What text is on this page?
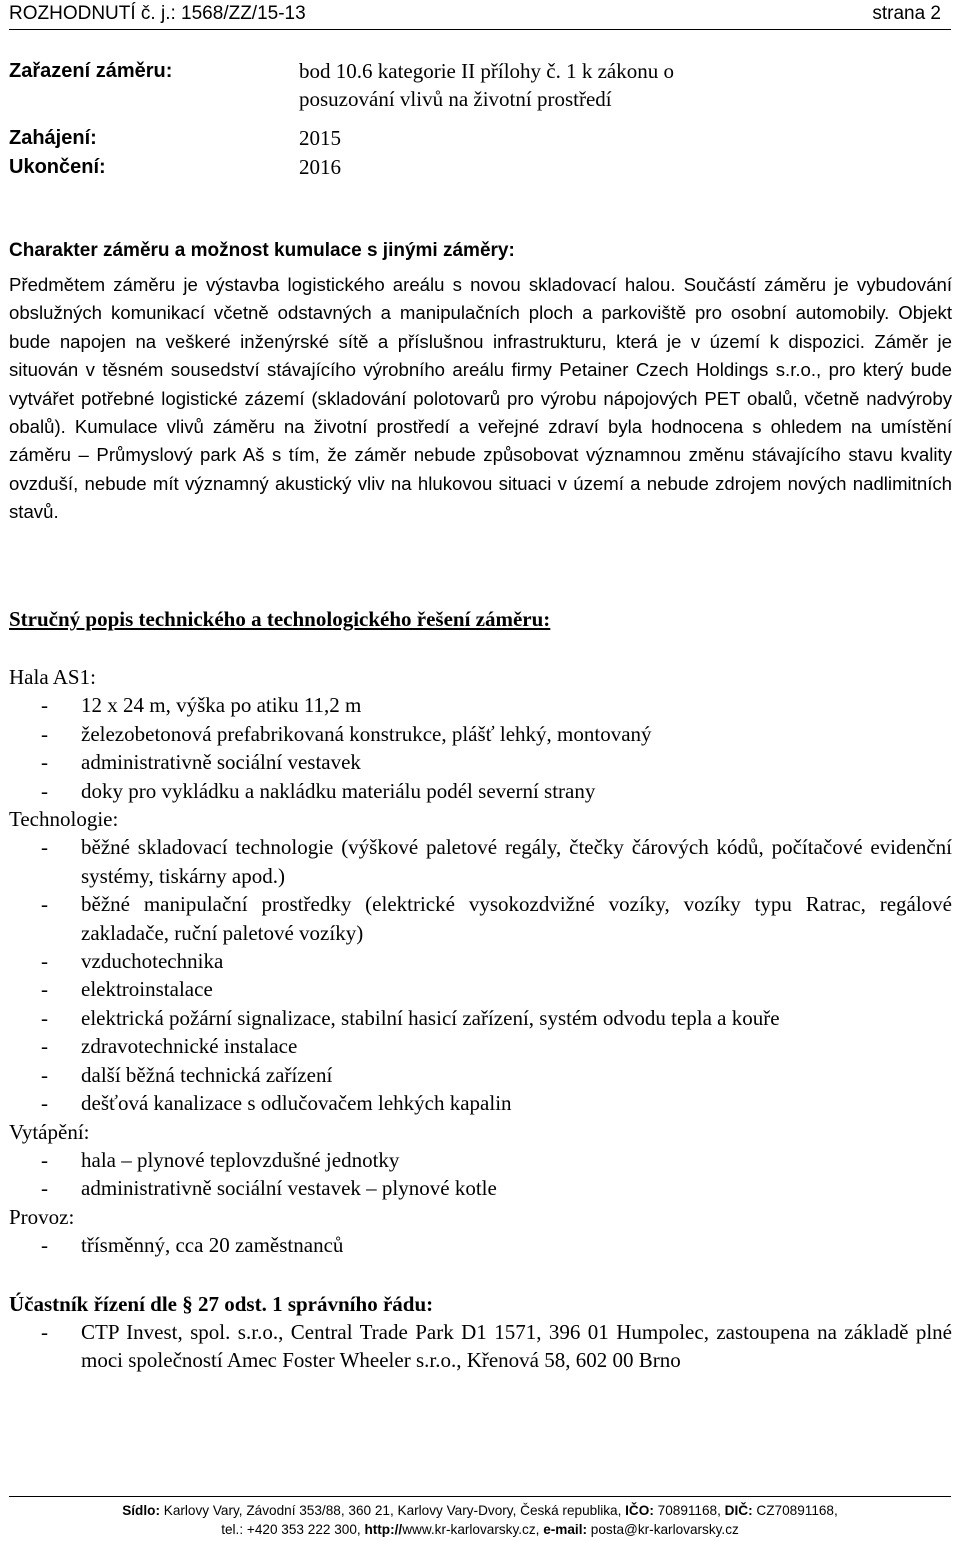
ROZHODNUTÍ č. j.: 1568/ZZ/15-13	strana 2
Zařazení záměru:	bod 10.6 kategorie II přílohy č. 1 k zákonu o posuzování vlivů na životní prostředí
Zahájení:	2015
Ukončení:	2016
Charakter záměru a možnost kumulace s jinými záměry:

Předmětem záměru je výstavba logistického areálu s novou skladovací halou. Součástí záměru je vybudování obslužných komunikací včetně odstavných a manipulačních ploch a parkoviště pro osobní automobily. Objekt bude napojen na veškeré inženýrské sítě a příslušnou infrastrukturu, která je v území k dispozici. Záměr je situován v těsném sousedství stávajícího výrobního areálu firmy Petainer Czech Holdings s.r.o., pro který bude vytvářet potřebné logistické zázemí (skladování polotovarů pro výrobu nápojových PET obalů, včetně nadvýroby obalů). Kumulace vlivů záměru na životní prostředí a veřejné zdraví byla hodnocena s ohledem na umístění záměru – Průmyslový park Aš s tím, že záměr nebude způsobovat významnou změnu stávajícího stavu kvality ovzduší, nebude mít významný akustický vliv na hlukovou situaci v území a nebude zdrojem nových nadlimitních stavů.

Stručný popis technického a technologického řešení záměru:
Hala AS1:
- 12 x 24 m, výška po atiku 11,2 m
- železobetonová prefabrikovaná konstrukce, plášť lehký, montovaný
- administrativně sociální vestavek
- doky pro vykládku a nakládku materiálu podél severní strany
Technologie:
- běžné skladovací technologie (výškové paletové regály, čtečky čárových kódů, počítačové evidenční systémy, tiskárny apod.)
- běžné manipulační prostředky (elektrické vysokozdvižné vozíky, vozíky typu Ratrac, regálové zakladače, ruční paletové vozíky)
- vzduchotechnika
- elektroinstalace
- elektrická požární signalizace, stabilní hasicí zařízení, systém odvodu tepla a kouře
- zdravotechnické instalace
- další běžná technická zařízení
- dešťová kanalizace s odlučovačem lehkých kapalin
Vytápění:
- hala – plynové teplovzdušné jednotky
- administrativně sociální vestavek – plynové kotle
Provoz:
- třísměnný, cca 20 zaměstnanců
Účastník řízení dle § 27 odst. 1 správního řádu:
- CTP Invest, spol. s.r.o., Central Trade Park D1 1571, 396 01 Humpolec, zastoupena na základě plné moci společností Amec Foster Wheeler s.r.o., Křenová 58, 602 00 Brno
Sídlo: Karlovy Vary, Závodní 353/88, 360 21, Karlovy Vary-Dvory, Česká republika, IČO: 70891168, DIČ: CZ70891168,
tel.: +420 353 222 300, http://www.kr-karlovarsky.cz, e-mail: posta@kr-karlovarsky.cz
